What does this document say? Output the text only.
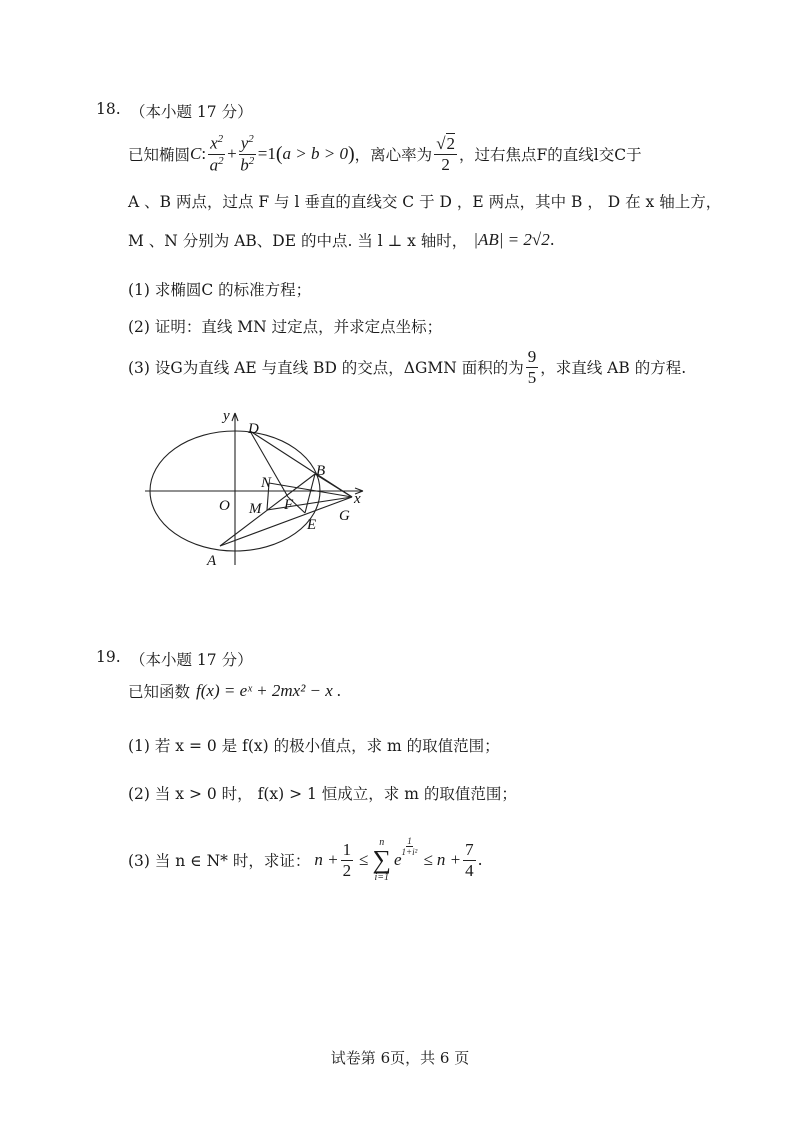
18. （本小题 17 分）
已知椭圆 C : $\frac{x^2}{a^2} + \frac{y^2}{b^2} =1$ ( a > b > 0 ) ，离心率为 $\frac{√2}{2}$ ，过右焦点F的直线l交C于
A 、B 两点，过点 F 与 l 垂直的直线交 C 于 D ，E 两点，其中 B ， D 在 x 轴上方，
M 、N 分别为 AB、DE 的中点. 当 l ⊥ x 轴时， |AB| = 2√2 .
(1) 求椭圆C 的标准方程；
(2) 证明：直线 MN 过定点，并求定点坐标；
(3) 设G为直线 AE 与直线 BD 的交点，ΔGMN 面积的为 $\frac{9}{5}$ ，求直线 AB 的方程.
y
D
B
N
O M F	x
E
G
A
19. （本小题 17 分）
已知函数 f(x) = eˣ + 2mx² − x .
(1) 若 x = 0 是 f(x) 的极小值点，求 m 的取值范围；
(2) 当 x > 0 时， f(x) > 1 恒成立，求 m 的取值范围；
(3) 当 n ∈ N* 时，求证： $n + \frac{1}{2}$ ≤
n
∑
i=1
e
$\frac{1}{\text{1+i²}}$
≤ $n + \frac{7}{4}$ .
试卷第 6页，共 6 页
